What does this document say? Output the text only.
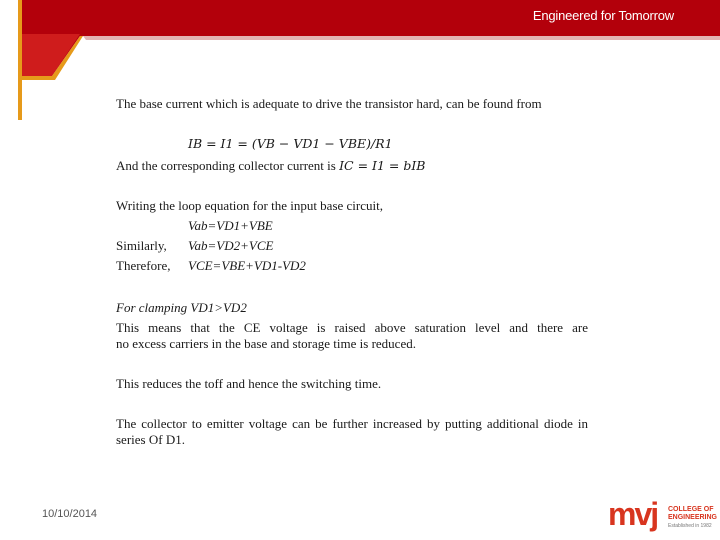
Engineered for Tomorrow
The base current which is adequate to drive the transistor hard, can be found from
IB = I1 = (VB − VD1 − VBE)/R1
And the corresponding collector current is IC = I1 = bIB
Writing the loop equation for the input base circuit,
Vab=VD1+VBE
Similarly, Vab=VD2+VCE
Therefore, VCE=VBE+VD1-VD2
For clamping VD1>VD2
This means that the CE voltage is raised above saturation level and there are
no excess carriers in the base and storage time is reduced.
This reduces the toff and hence the switching time.
The collector to emitter voltage can be further increased by putting additional diode in
series Of D1.
10/10/2014	mvj COLLEGE OF
ENGINEERING
Established in 1982
